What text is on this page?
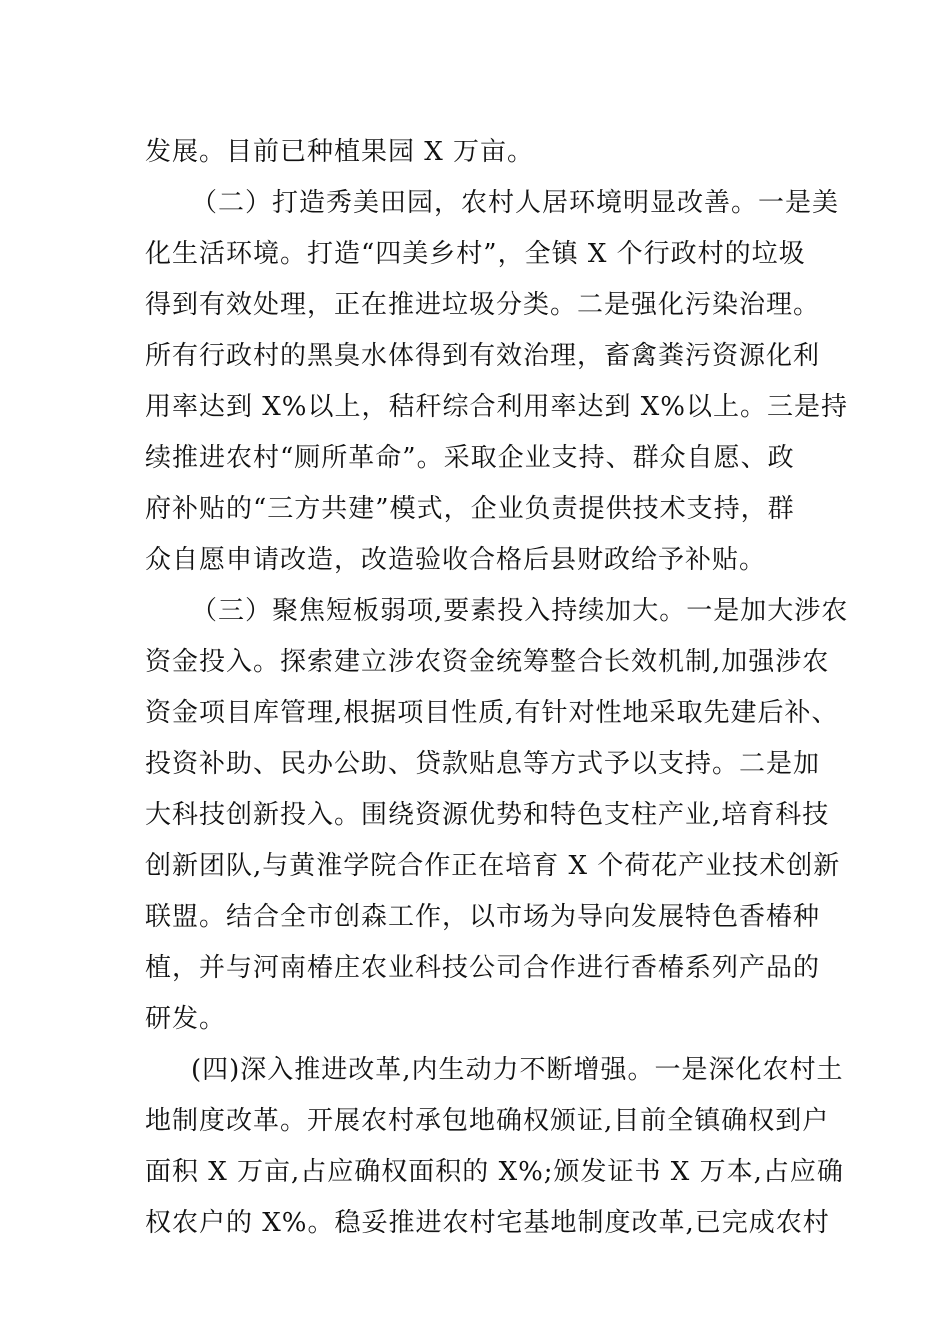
发展。目前已种植果园 X 万亩。
（二）打造秀美田园，农村人居环境明显改善。一是美
化生活环境。打造“四美乡村”，全镇 X 个行政村的垃圾
得到有效处理，正在推进垃圾分类。二是强化污染治理。
所有行政村的黑臭水体得到有效治理，畜禽粪污资源化利
用率达到 X%以上，秸秆综合利用率达到 X%以上。三是持
续推进农村“厕所革命”。采取企业支持、群众自愿、政
府补贴的“三方共建”模式，企业负责提供技术支持，群
众自愿申请改造，改造验收合格后县财政给予补贴。
（三）聚焦短板弱项,要素投入持续加大。一是加大涉农
资金投入。探索建立涉农资金统筹整合长效机制,加强涉农
资金项目库管理,根据项目性质,有针对性地采取先建后补、
投资补助、民办公助、贷款贴息等方式予以支持。二是加
大科技创新投入。围绕资源优势和特色支柱产业,培育科技
创新团队,与黄淮学院合作正在培育 X 个荷花产业技术创新
联盟。结合全市创森工作，以市场为导向发展特色香椿种
植，并与河南椿庄农业科技公司合作进行香椿系列产品的
研发。
(四)深入推进改革,内生动力不断增强。一是深化农村土
地制度改革。开展农村承包地确权颁证,目前全镇确权到户
面积 X 万亩,占应确权面积的 X%;颁发证书 X 万本,占应确
权农户的 X%。稳妥推进农村宅基地制度改革,已完成农村
